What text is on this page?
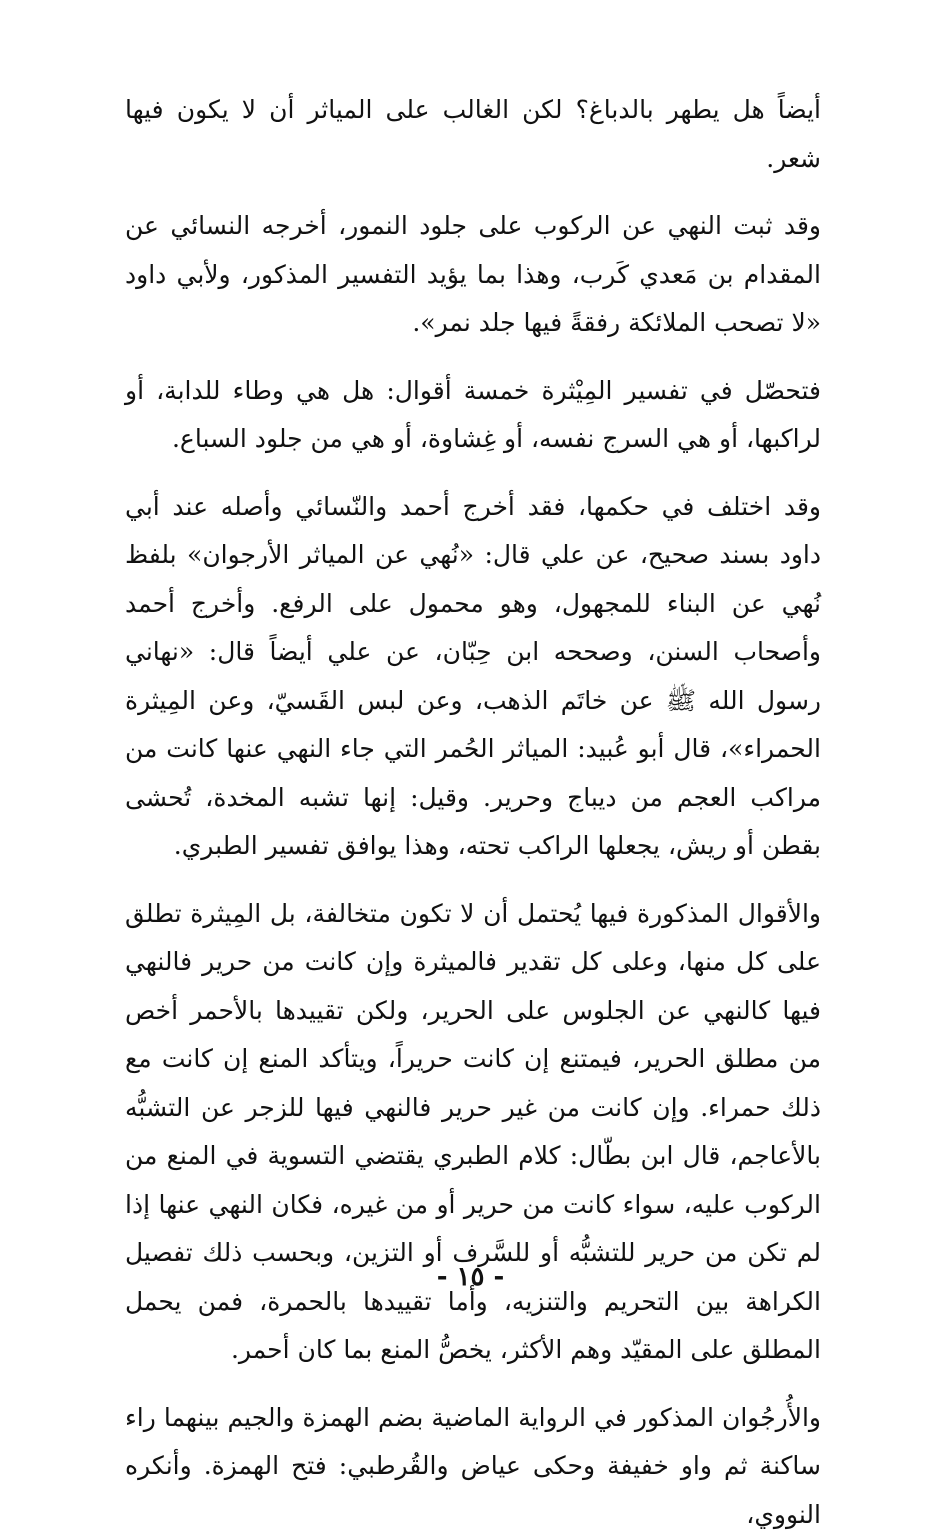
أيضاً هل يطهر بالدباغ؟ لكن الغالب على المياثر أن لا يكون فيها شعر.

وقد ثبت النهي عن الركوب على جلود النمور، أخرجه النسائي عن المقدام بن مَعدي كَرب، وهذا بما يؤيد التفسير المذكور، ولأبي داود «لا تصحب الملائكة رفقةً فيها جلد نمر».

فتحصّل في تفسير المِيْثرة خمسة أقوال: هل هي وطاء للدابة، أو لراكبها، أو هي السرج نفسه، أو غِشاوة، أو هي من جلود السباع.

وقد اختلف في حكمها، فقد أخرج أحمد والنّسائي وأصله عند أبي داود بسند صحيح، عن علي قال: «نُهي عن المياثر الأرجوان» بلفظ نُهي عن البناء للمجهول، وهو محمول على الرفع. وأخرج أحمد وأصحاب السنن، وصححه ابن حِبّان، عن علي أيضاً قال: «نهاني رسول الله ﷺ عن خاتَم الذهب، وعن لبس القَسيّ، وعن المِيثرة الحمراء»، قال أبو عُبيد: المياثر الحُمر التي جاء النهي عنها كانت من مراكب العجم من ديباج وحرير. وقيل: إنها تشبه المخدة، تُحشى بقطن أو ريش، يجعلها الراكب تحته، وهذا يوافق تفسير الطبري.

والأقوال المذكورة فيها يُحتمل أن لا تكون متخالفة، بل المِيثرة تطلق على كل منها، وعلى كل تقدير فالميثرة وإن كانت من حرير فالنهي فيها كالنهي عن الجلوس على الحرير، ولكن تقييدها بالأحمر أخص من مطلق الحرير، فيمتنع إن كانت حريراً، ويتأكد المنع إن كانت مع ذلك حمراء. وإن كانت من غير حرير فالنهي فيها للزجر عن التشبُّه بالأعاجم، قال ابن بطّال: كلام الطبري يقتضي التسوية في المنع من الركوب عليه، سواء كانت من حرير أو من غيره، فكان النهي عنها إذا لم تكن من حرير للتشبُّه أو للسَّرف أو التزين، وبحسب ذلك تفصيل الكراهة بين التحريم والتنزيه، وأما تقييدها بالحمرة، فمن يحمل المطلق على المقيّد وهم الأكثر، يخصُّ المنع بما كان أحمر.

والأُرجُوان المذكور في الرواية الماضية بضم الهمزة والجيم بينهما راء ساكنة ثم واو خفيفة وحكى عياض والقُرطبي: فتح الهمزة. وأنكره النووي،

- ١٥ -
